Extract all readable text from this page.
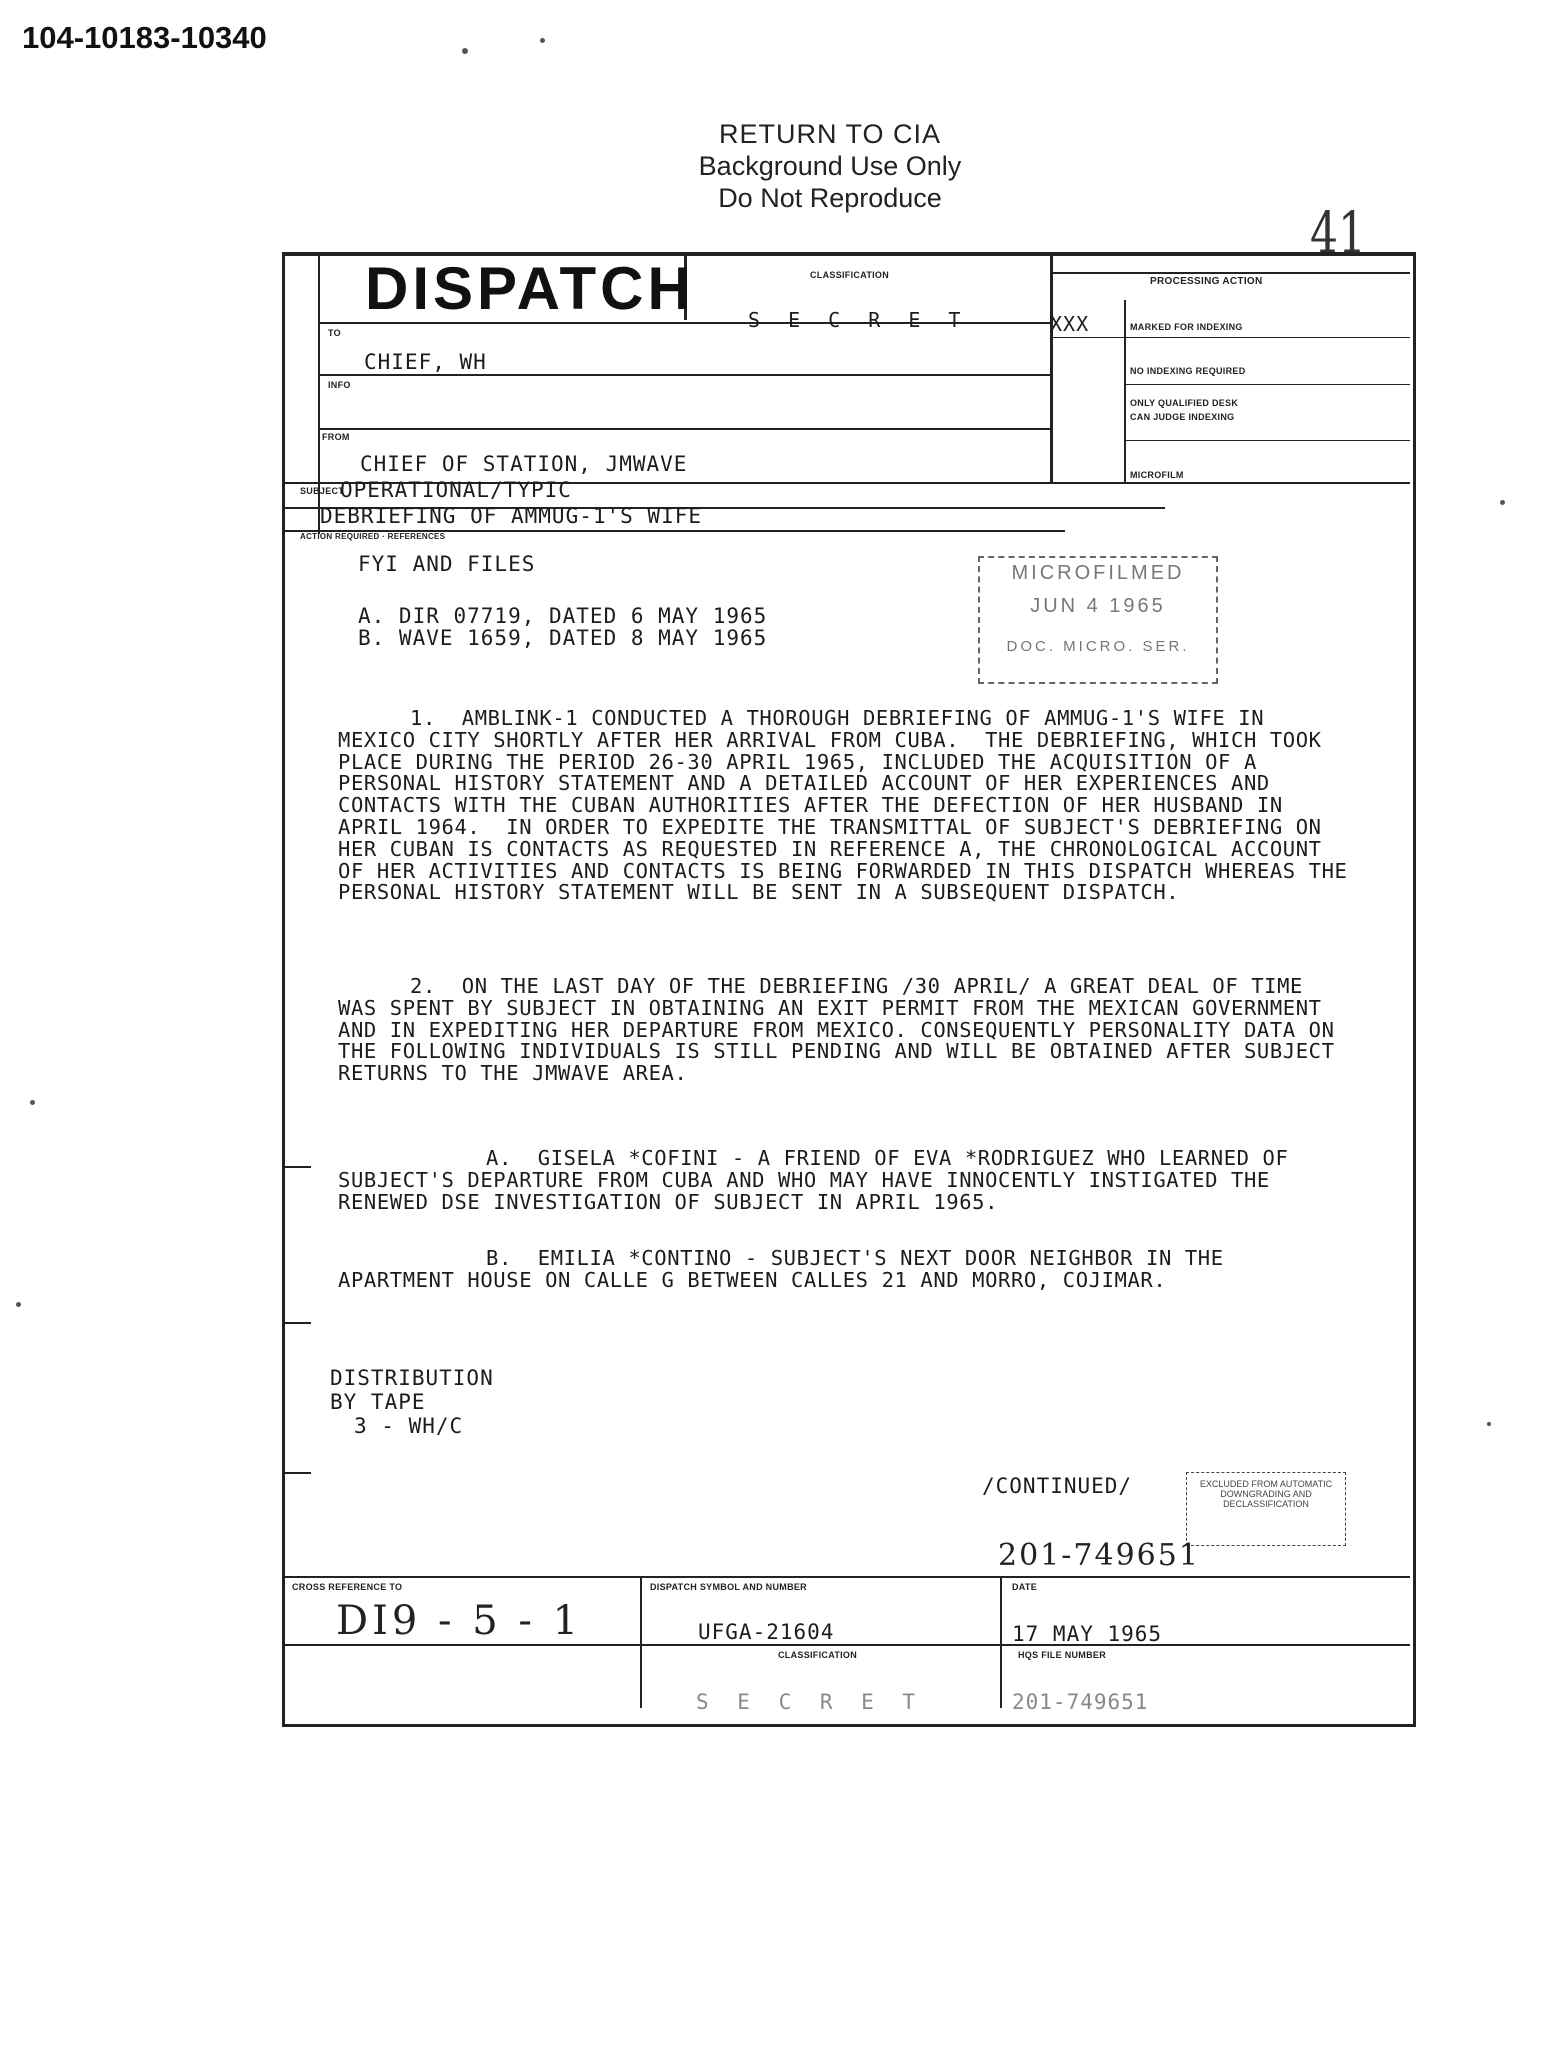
104-10183-10340
RETURN TO CIA
Background Use Only
Do Not Reproduce
41
DISPATCH	CLASSIFICATION
S E C R E T	XXX
PROCESSING ACTION
MARKED FOR INDEXING
NO INDEXING REQUIRED
ONLY QUALIFIED DESK CAN JUDGE INDEXING
MICROFILM
TO
CHIEF, WH
INFO
FROM
CHIEF OF STATION, JMWAVE
SUBJECT
OPERATIONAL/TYPIC
DEBRIEFING OF AMMUG-1'S WIFE
ACTION REQUIRED · REFERENCES
FYI AND FILES
A. DIR 07719, DATED 6 MAY 1965
B. WAVE 1659, DATED 8 MAY 1965
MICROFILMED
JUN 4 1965
DOC. MICRO. SER.

1.  AMBLINK-1 CONDUCTED A THOROUGH DEBRIEFING OF AMMUG-1'S WIFE IN MEXICO CITY SHORTLY AFTER HER ARRIVAL FROM CUBA.  THE DEBRIEFING, WHICH TOOK PLACE DURING THE PERIOD 26-30 APRIL 1965, INCLUDED THE ACQUISITION OF A PERSONAL HISTORY STATEMENT AND A DETAILED ACCOUNT OF HER EXPERIENCES AND CONTACTS WITH THE CUBAN AUTHORITIES AFTER THE DEFECTION OF HER HUSBAND IN APRIL 1964.  IN ORDER TO EXPEDITE THE TRANSMITTAL OF SUBJECT'S DEBRIEFING ON HER CUBAN IS CONTACTS AS REQUESTED IN REFERENCE A, THE CHRONOLOGICAL ACCOUNT OF HER ACTIVITIES AND CONTACTS IS BEING FORWARDED IN THIS DISPATCH WHEREAS THE PERSONAL HISTORY STATEMENT WILL BE SENT IN A SUBSEQUENT DISPATCH.

2.  ON THE LAST DAY OF THE DEBRIEFING /30 APRIL/ A GREAT DEAL OF TIME WAS SPENT BY SUBJECT IN OBTAINING AN EXIT PERMIT FROM THE MEXICAN GOVERNMENT AND IN EXPEDITING HER DEPARTURE FROM MEXICO. CONSEQUENTLY PERSONALITY DATA ON THE FOLLOWING INDIVIDUALS IS STILL PENDING AND WILL BE OBTAINED AFTER SUBJECT RETURNS TO THE JMWAVE AREA.

A.  GISELA *COFINI - A FRIEND OF EVA *RODRIGUEZ WHO LEARNED OF SUBJECT'S DEPARTURE FROM CUBA AND WHO MAY HAVE INNOCENTLY INSTIGATED THE RENEWED DSE INVESTIGATION OF SUBJECT IN APRIL 1965.

B.  EMILIA *CONTINO - SUBJECT'S NEXT DOOR NEIGHBOR IN THE APARTMENT HOUSE ON CALLE G BETWEEN CALLES 21 AND MORRO, COJIMAR.

DISTRIBUTION
BY TAPE
3 - WH/C
/CONTINUED/	EXCLUDED FROM AUTOMATIC DOWNGRADING AND DECLASSIFICATION
201-749651
CROSS REFERENCE TO
DI9 - 5 - 1
DISPATCH SYMBOL AND NUMBER
UFGA-21604
DATE
17 MAY 1965
CLASSIFICATION
S E C R E T
HQS FILE NUMBER
201-749651
